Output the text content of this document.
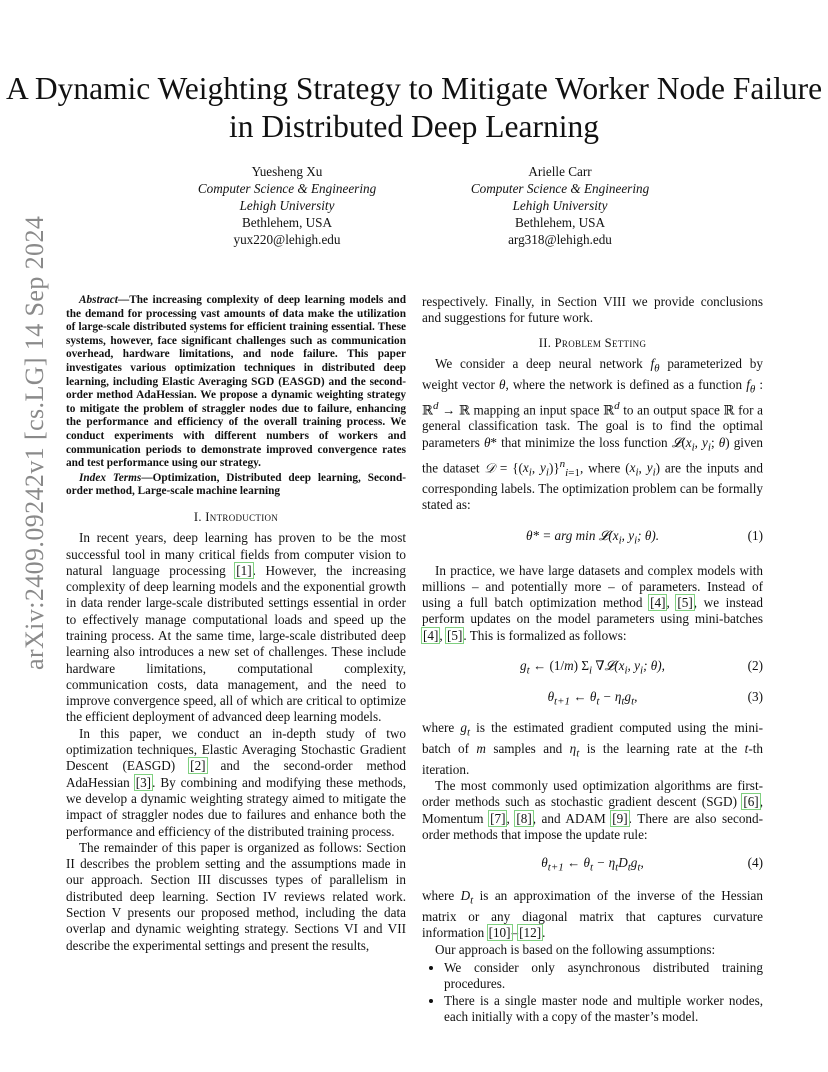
arXiv:2409.09242v1 [cs.LG] 14 Sep 2024
A Dynamic Weighting Strategy to Mitigate Worker Node Failure in Distributed Deep Learning
Yuesheng Xu
Computer Science & Engineering
Lehigh University
Bethlehem, USA
yux220@lehigh.edu
Arielle Carr
Computer Science & Engineering
Lehigh University
Bethlehem, USA
arg318@lehigh.edu

Abstract—The increasing complexity of deep learning models and the demand for processing vast amounts of data make the utilization of large-scale distributed systems for efficient training essential. These systems, however, face significant challenges such as communication overhead, hardware limitations, and node failure. This paper investigates various optimization techniques in distributed deep learning, including Elastic Averaging SGD (EASGD) and the second-order method AdaHessian. We propose a dynamic weighting strategy to mitigate the problem of straggler nodes due to failure, enhancing the performance and efficiency of the overall training process. We conduct experiments with different numbers of workers and communication periods to demonstrate improved convergence rates and test performance using our strategy.

Index Terms—Optimization, Distributed deep learning, Second-order method, Large-scale machine learning

I. Introduction

In recent years, deep learning has proven to be the most successful tool in many critical fields from computer vision to natural language processing [1]. However, the increasing complexity of deep learning models and the exponential growth in data render large-scale distributed settings essential in order to effectively manage computational loads and speed up the training process. At the same time, large-scale distributed deep learning also introduces a new set of challenges. These include hardware limitations, computational complexity, communication costs, data management, and the need to improve convergence speed, all of which are critical to optimize the efficient deployment of advanced deep learning models.

In this paper, we conduct an in-depth study of two optimization techniques, Elastic Averaging Stochastic Gradient Descent (EASGD) [2] and the second-order method AdaHessian [3]. By combining and modifying these methods, we develop a dynamic weighting strategy aimed to mitigate the impact of straggler nodes due to failures and enhance both the performance and efficiency of the distributed training process.

The remainder of this paper is organized as follows: Section II describes the problem setting and the assumptions made in our approach. Section III discusses types of parallelism in distributed deep learning. Section IV reviews related work. Section V presents our proposed method, including the data overlap and dynamic weighting strategy. Sections VI and VII describe the experimental settings and present the results,

respectively. Finally, in Section VIII we provide conclusions and suggestions for future work.

II. Problem Setting

We consider a deep neural network $f_\theta$ parameterized by weight vector θ, where the network is defined as a function $f_\theta$ : ℝ$^d$ → ℝ mapping an input space ℝ$^d$ to an output space ℝ for a general classification task. The goal is to find the optimal parameters θ* that minimize the loss function $𝓛(x_i$, $y_i$; θ) given the dataset 𝒟 = {($x_i$, $y_i)\}^n_{i=1}$, where ($x_i$, $y_i$) are the inputs and corresponding labels. The optimization problem can be formally stated as:

θ* = arg $\min 𝓛(x_i$, $y_i$; θ).	(1)

In practice, we have large datasets and complex models with millions – and potentially more – of parameters. Instead of using a full batch optimization method [4], [5], we instead perform updates on the model parameters using mini-batches [4], [5]. This is formalized as follows:

$g_t$ ← (1/m) $\Sigma_i$ $\nabla 𝓛(x_i$, $y_i$; θ),	(2)
$\theta_{t+1}$ ← $\theta_t - \eta_tg_t$,	(3)

where $g_t$ is the estimated gradient computed using the mini-batch of m samples and $\eta_t$ is the learning rate at the t-th iteration.

The most commonly used optimization algorithms are first-order methods such as stochastic gradient descent (SGD) [6], Momentum [7], [8], and ADAM [9]. There are also second-order methods that impose the update rule:

$\theta_{t+1}$ ← $\theta_t - \eta_tD_tg_t$,	(4)

where $D_t$ is an approximation of the inverse of the Hessian matrix or any diagonal matrix that captures curvature information [10]–[12].

Our approach is based on the following assumptions:

• We consider only asynchronous distributed training procedures.
• There is a single master node and multiple worker nodes, each initially with a copy of the master’s model.
